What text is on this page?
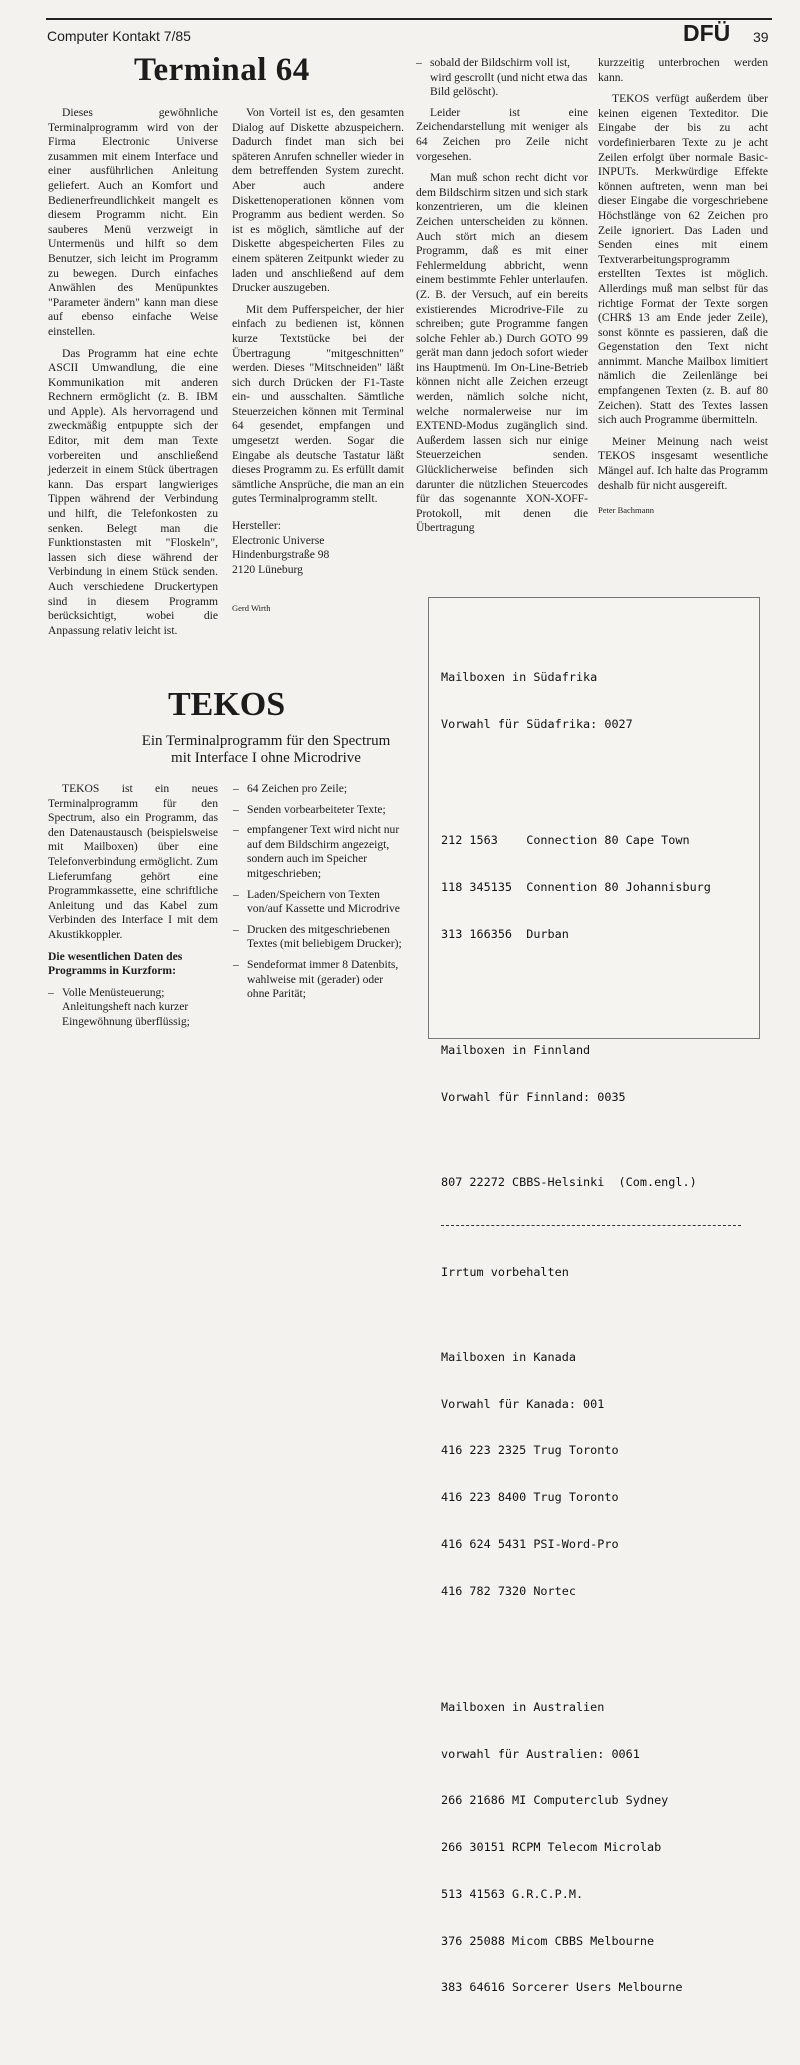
Computer Kontakt 7/85	DFÜ 39
Terminal 64

Dieses gewöhnliche Terminalprogramm wird von der Firma Electronic Universe zusammen mit einem Interface und einer ausführlichen Anleitung geliefert. Auch an Komfort und Bedienerfreundlichkeit mangelt es diesem Programm nicht. Ein sauberes Menü verzweigt in Untermenüs und hilft so dem Benutzer, sich leicht im Programm zu bewegen. Durch einfaches Anwählen des Menüpunktes "Parameter ändern" kann man diese auf ebenso einfache Weise einstellen.

Das Programm hat eine echte ASCII Umwandlung, die eine Kommunikation mit anderen Rechnern ermöglicht (z. B. IBM und Apple). Als hervorragend und zweckmäßig entpuppte sich der Editor, mit dem man Texte vorbereiten und anschließend jederzeit in einem Stück übertragen kann. Das erspart langwieriges Tippen während der Verbindung und hilft, die Telefonkosten zu senken. Belegt man die Funktionstasten mit "Floskeln", lassen sich diese während der Verbindung in einem Stück senden. Auch verschiedene Druckertypen sind in diesem Programm berücksichtigt, wobei die Anpassung relativ leicht ist.

Von Vorteil ist es, den gesamten Dialog auf Diskette abzuspeichern. Dadurch findet man sich bei späteren Anrufen schneller wieder in dem betreffenden System zurecht. Aber auch andere Diskettenoperationen können vom Programm aus bedient werden. So ist es möglich, sämtliche auf der Diskette abgespeicherten Files zu einem späteren Zeitpunkt wieder zu laden und anschließend auf dem Drucker auszugeben.

Mit dem Pufferspeicher, der hier einfach zu bedienen ist, können kurze Textstücke bei der Übertragung "mitgeschnitten" werden. Dieses "Mitschneiden" läßt sich durch Drücken der F1-Taste ein- und ausschalten. Sämtliche Steuerzeichen können mit Terminal 64 gesendet, empfangen und umgesetzt werden. Sogar die Eingabe als deutsche Tastatur läßt dieses Programm zu. Es erfüllt damit sämtliche Ansprüche, die man an ein gutes Terminalprogramm stellt.

Hersteller:
Electronic Universe
Hindenburgstraße 98
2120 Lüneburg
Gerd Wirth
TEKOS
Ein Terminalprogramm für den Spectrum
mit Interface I ohne Microdrive

TEKOS ist ein neues Terminalprogramm für den Spectrum, also ein Programm, das den Datenaustausch (beispielsweise mit Mailboxen) über eine Telefonverbindung ermöglicht. Zum Lieferumfang gehört eine Programmkassette, eine schriftliche Anleitung und das Kabel zum Verbinden des Interface I mit dem Akustikkoppler.

Die wesentlichen Daten des Programms in Kurzform:

– Volle Menüsteuerung; Anleitungsheft nach kurzer Eingewöhnung überflüssig;
– 64 Zeichen pro Zeile;
– Senden vorbearbeiteter Texte;
– empfangener Text wird nicht nur auf dem Bildschirm angezeigt, sondern auch im Speicher mitgeschrieben;
– Laden/Speichern von Texten von/auf Kassette und Microdrive
– Drucken des mitgeschriebenen Textes (mit beliebigem Drucker);
– Sendeformat immer 8 Datenbits, wahlweise mit (gerader) oder ohne Parität;
– sobald der Bildschirm voll ist, wird gescrollt (und nicht etwa das Bild gelöscht).

Leider ist eine Zeichendarstellung mit weniger als 64 Zeichen pro Zeile nicht vorgesehen.

Man muß schon recht dicht vor dem Bildschirm sitzen und sich stark konzentrieren, um die kleinen Zeichen unterscheiden zu können. Auch stört mich an diesem Programm, daß es mit einer Fehlermeldung abbricht, wenn einem bestimmte Fehler unterlaufen. (Z. B. der Versuch, auf ein bereits existierendes Microdrive-File zu schreiben; gute Programme fangen solche Fehler ab.) Durch GOTO 99 gerät man dann jedoch sofort wieder ins Hauptmenü. Im On-Line-Betrieb können nicht alle Zeichen erzeugt werden, nämlich solche nicht, welche normalerweise nur im EXTEND-Modus zugänglich sind. Außerdem lassen sich nur einige Steuerzeichen senden. Glücklicherweise befinden sich darunter die nützlichen Steuercodes für das sogenannte XON-XOFF-Protokoll, mit denen die Übertragung

kurzzeitig unterbrochen werden kann.

TEKOS verfügt außerdem über keinen eigenen Texteditor. Die Eingabe der bis zu acht vordefinierbaren Texte zu je acht Zeilen erfolgt über normale Basic-INPUTs. Merkwürdige Effekte können auftreten, wenn man bei dieser Eingabe die vorgeschriebene Höchstlänge von 62 Zeichen pro Zeile ignoriert. Das Laden und Senden eines mit einem Textverarbeitungsprogramm erstellten Textes ist möglich. Allerdings muß man selbst für das richtige Format der Texte sorgen (CHR$ 13 am Ende jeder Zeile), sonst könnte es passieren, daß die Gegenstation den Text nicht annimmt. Manche Mailbox limitiert nämlich die Zeilenlänge bei empfangenen Texten (z. B. auf 80 Zeichen). Statt des Textes lassen sich auch Programme übermitteln.

Meiner Meinung nach weist TEKOS insgesamt wesentliche Mängel auf. Ich halte das Programm deshalb für nicht ausgereift.

Peter Bachmann

Mailboxen in Südafrika

Vorwahl für Südafrika: 0027

212 1563    Connection 80 Cape Town

118 345135  Connention 80 Johannisburg

313 166356  Durban

Mailboxen in Finnland

Vorwahl für Finnland: 0035

807 22272 CBBS-Helsinki  (Com.engl.)

Irrtum vorbehalten

Mailboxen in Kanada

Vorwahl für Kanada: 001

416 223 2325 Trug Toronto

416 223 8400 Trug Toronto

416 624 5431 PSI-Word-Pro

416 782 7320 Nortec

Mailboxen in Australien

vorwahl für Australien: 0061

266 21686 MI Computerclub Sydney

266 30151 RCPM Telecom Microlab

513 41563 G.R.C.P.M.

376 25088 Micom CBBS Melbourne

383 64616 Sorcerer Users Melbourne
